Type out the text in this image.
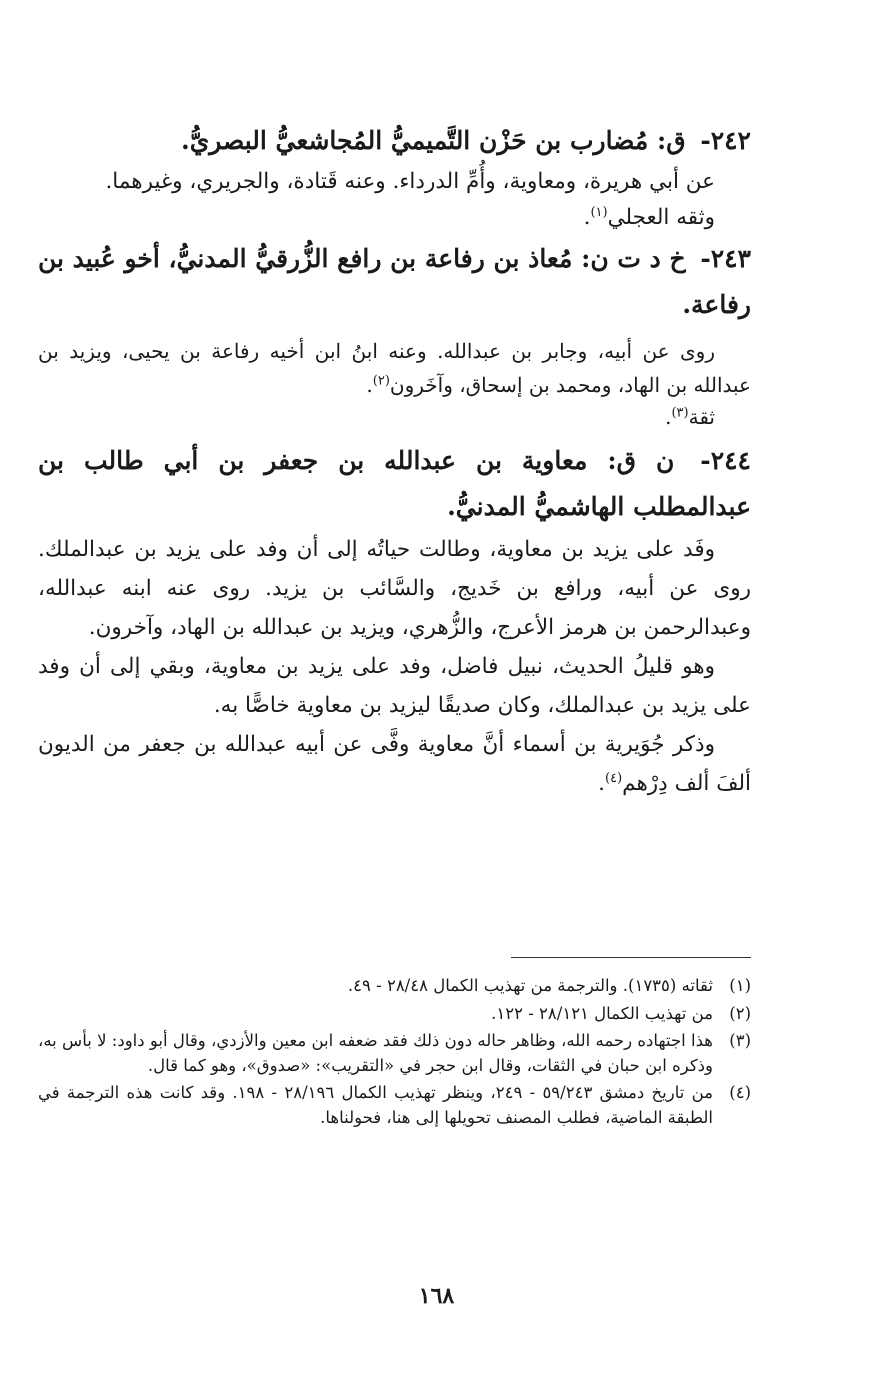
٢٤٢- ق: مُضارب بن حَزْن التَّميميُّ المُجاشعيُّ البصريُّ.

عن أبي هريرة، ومعاوية، وأُمِّ الدرداء. وعنه قَتادة، والجريري، وغيرهما.

وثقه العجلي$^{(١)}$.

٢٤٣- خ د ت ن: مُعاذ بن رفاعة بن رافع الزُّرقيُّ المدنيُّ، أخو عُبيد بن رفاعة.

روى عن أبيه، وجابر بن عبدالله. وعنه ابنُ ابن أخيه رفاعة بن يحيى، ويزيد بن عبدالله بن الهاد، ومحمد بن إسحاق، وآخَرون$^{(٢)}$.

ثقة$^{(٣)}$.

٢٤٤- ن ق: معاوية بن عبدالله بن جعفر بن أبي طالب بن عبدالمطلب الهاشميُّ المدنيُّ.

وفَد على يزيد بن معاوية، وطالت حياتُه إلى أن وفد على يزيد بن عبدالملك. روى عن أبيه، ورافع بن خَديج، والسَّائب بن يزيد. روى عنه ابنه عبدالله، وعبدالرحمن بن هرمز الأعرج، والزُّهري، ويزيد بن عبدالله بن الهاد، وآخرون.

وهو قليلُ الحديث، نبيل فاضل، وفد على يزيد بن معاوية، وبقي إلى أن وفد على يزيد بن عبدالملك، وكان صديقًا ليزيد بن معاوية خاصًّا به.

وذكر جُوَيرية بن أسماء أنَّ معاوية وفَّى عن أبيه عبدالله بن جعفر من الديون ألفَ ألف دِرْهم$^{(٤)}$.

(١)
ثقاته (١٧٣٥). والترجمة من تهذيب الكمال ٢٨/٤٨ - ٤٩.
(٢)
من تهذيب الكمال ٢٨/١٢١ - ١٢٢.
(٣)
هذا اجتهاده رحمه الله، وظاهر حاله دون ذلك فقد ضعفه ابن معين والأزدي، وقال أبو داود: لا بأس به، وذكره ابن حبان في الثقات، وقال ابن حجر في «التقريب»: «صدوق»، وهو كما قال.
(٤)
من تاريخ دمشق ٥٩/٢٤٣ - ٢٤٩، وينظر تهذيب الكمال ٢٨/١٩٦ - ١٩٨. وقد كانت هذه الترجمة في الطبقة الماضية، فطلب المصنف تحويلها إلى هنا، فحولناها.
١٦٨
